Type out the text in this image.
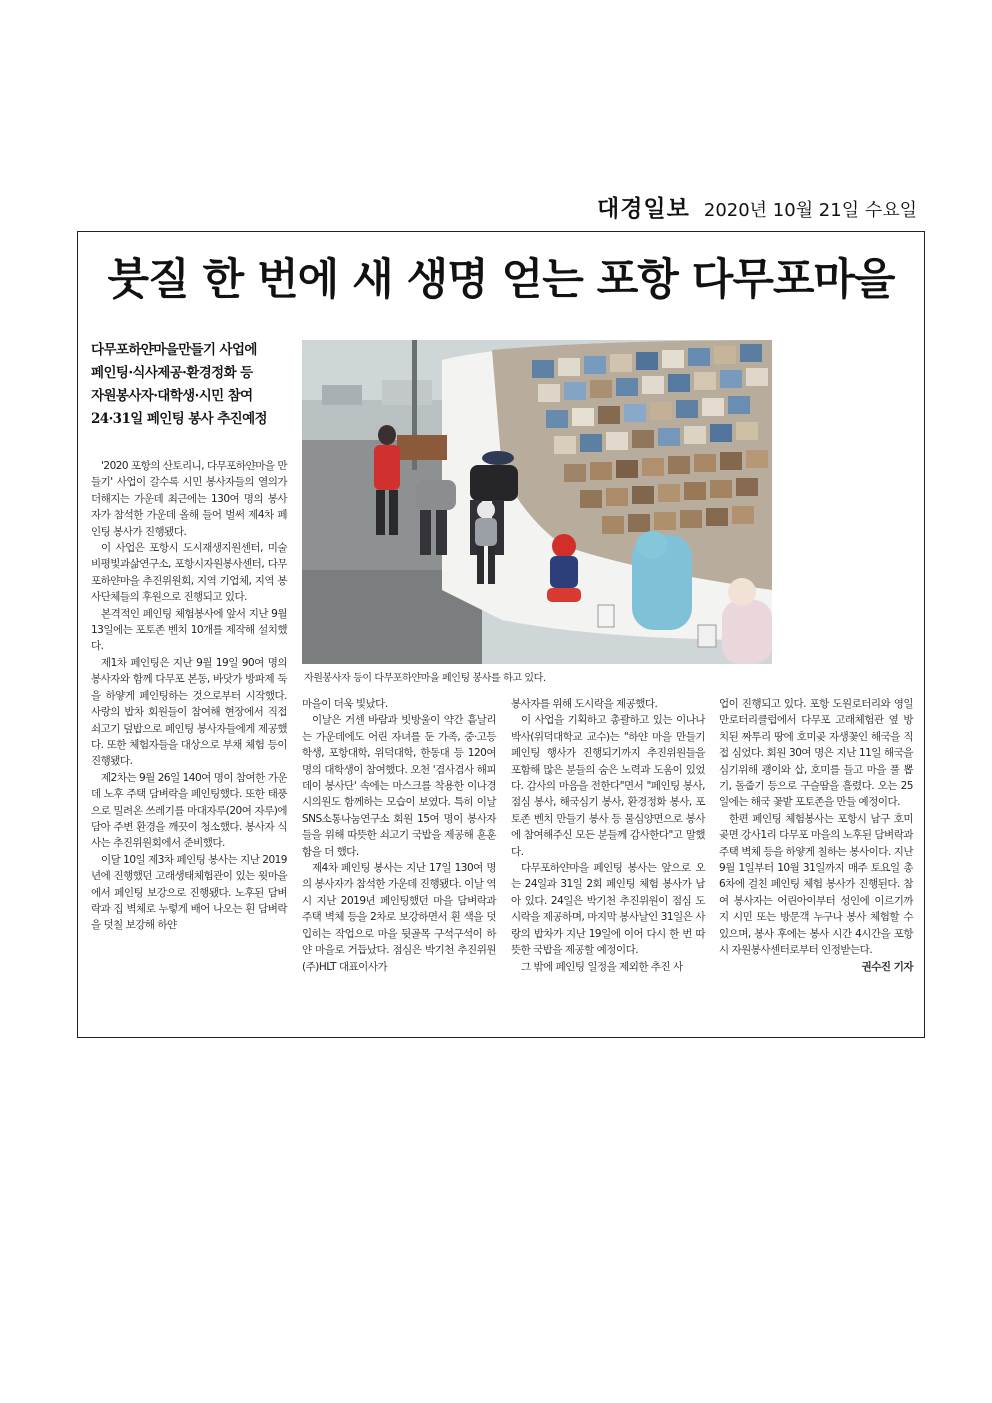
대경일보 2020년 10월 21일 수요일
붓질 한 번에 새 생명 얻는 포항 다무포마을
다무포하얀마을만들기 사업에
페인팅·식사제공·환경정화 등
자원봉사자·대학생·시민 참여
24·31일 페인팅 봉사 추진예정
자원봉사자 등이 다무포하얀마을 페인팅 봉사를 하고 있다.

'2020 포항의 산토리니, 다무포하얀마을 만들기' 사업이 갈수록 시민 봉사자들의 열의가 더해지는 가운데 최근에는 130여 명의 봉사자가 참석한 가운데 올해 들어 벌써 제4차 페인팅 봉사가 진행됐다.

이 사업은 포항시 도시재생지원센터, 미술비평빛과삶연구소, 포항시자원봉사센터, 다무포하얀마을 추진위원회, 지역 기업체, 지역 봉사단체들의 후원으로 진행되고 있다.

본격적인 페인팅 체험봉사에 앞서 지난 9월 13일에는 포토존 벤치 10개를 제작해 설치했다.

제1차 페인팅은 지난 9월 19일 90여 명의 봉사자와 함께 다무포 본동, 바닷가 방파제 둑을 하얗게 페인팅하는 것으로부터 시작했다. 사랑의 밥차 회원들이 참여해 현장에서 직접 쇠고기 덮밥으로 페인팅 봉사자들에게 제공했다. 또한 체험자들을 대상으로 부채 체험 등이 진행됐다.

제2차는 9월 26일 140여 명이 참여한 가운데 노후 주택 담벼락을 페인팅했다. 또한 태풍으로 밀려온 쓰레기를 마대자루(20여 자루)에 담아 주변 환경을 깨끗이 청소했다. 봉사자 식사는 추진위원회에서 준비했다.

이달 10일 제3차 페인팅 봉사는 지난 2019년에 진행했던 고래생태체험관이 있는 윗마을에서 페인팅 보강으로 진행됐다. 노후된 담벼락과 집 벽체로 누렇게 배어 나오는 흰 담벼락을 덧칠 보강해 하얀

마을이 더욱 빛났다.

이날은 거센 바람과 빗방울이 약간 흩날리는 가운데에도 어린 자녀를 둔 가족, 중·고등학생, 포항대학, 위덕대학, 한동대 등 120여 명의 대학생이 참여했다. 오천 '겸사겸사 해피데이 봉사단' 속에는 마스크를 착용한 이나경 시의원도 함께하는 모습이 보였다. 특히 이날 SNS소통나눔연구소 회원 15여 명이 봉사자들을 위해 따뜻한 쇠고기 국밥을 제공해 훈훈함을 더 했다.

제4차 페인팅 봉사는 지난 17일 130여 명의 봉사자가 참석한 가운데 진행됐다. 이날 역시 지난 2019년 페인팅했던 마을 담벼락과 주택 벽체 등을 2차로 보강하면서 흰 색을 덧입히는 작업으로 마을 뒷골목 구석구석이 하얀 마을로 거듭났다. 점심은 박기천 추진위원 (주)HLT 대표이사가

봉사자를 위해 도시락을 제공했다.

이 사업을 기획하고 총괄하고 있는 이나나 박사(위덕대학교 교수)는 "하얀 마을 만들기 페인팅 행사가 진행되기까지 추진위원들을 포함해 많은 분들의 숨은 노력과 도움이 있었다. 감사의 마음을 전한다"면서 "페인팅 봉사, 점심 봉사, 해국심기 봉사, 환경정화 봉사, 포토존 벤치 만들기 봉사 등 물심양면으로 봉사에 참여해주신 모든 분들께 감사한다"고 말했다.

다무포하얀마을 페인팅 봉사는 앞으로 오는 24일과 31일 2회 페인팅 체험 봉사가 남아 있다. 24일은 박기천 추진위원이 점심 도시락을 제공하며, 마지막 봉사날인 31일은 사랑의 밥차가 지난 19일에 이어 다시 한 번 따뜻한 국밥을 제공할 예정이다.

그 밖에 페인팅 일정을 제외한 추진 사

업이 진행되고 있다. 포항 도원로터리와 영일만로터리클럽에서 다무포 고래체험관 옆 방치된 짜투리 땅에 호미곶 자생꽃인 해국을 직접 심었다. 회원 30여 명은 지난 11일 해국을 심기위해 괭이와 삽, 호미를 들고 마을 풀 뽑기, 돌줍기 등으로 구슬땀을 흘렸다. 오는 25일에는 해국 꽃밭 포토존을 만들 예정이다.

한편 페인팅 체험봉사는 포항시 남구 호미곶면 강사1리 다무포 마을의 노후된 담벼락과 주택 벽체 등을 하얗게 칠하는 봉사이다. 지난 9월 1일부터 10월 31일까지 매주 토요일 총 6차에 걸친 페인팅 체험 봉사가 진행된다. 참여 봉사자는 어린아이부터 성인에 이르기까지 시민 또는 방문객 누구나 봉사 체험할 수 있으며, 봉사 후에는 봉사 시간 4시간을 포항시 자원봉사센터로부터 인정받는다.
권수진 기자
